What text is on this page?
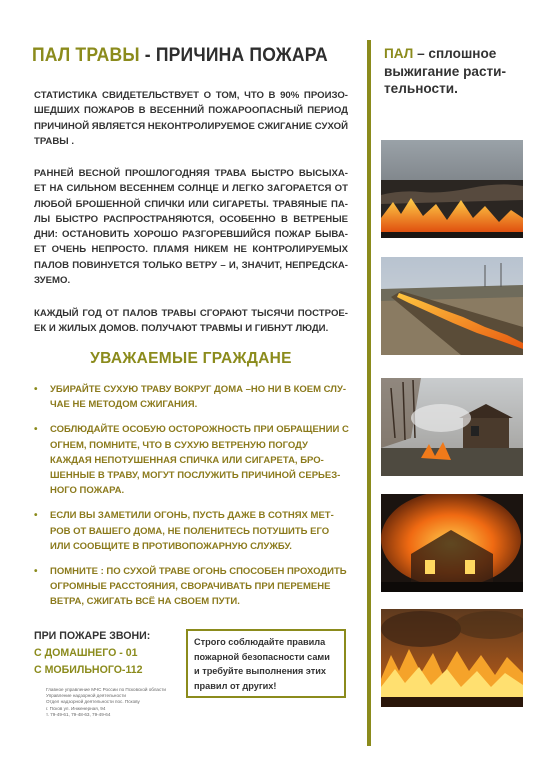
ПАЛ ТРАВЫ - ПРИЧИНА ПОЖАРА

СТАТИСТИКА СВИДЕТЕЛЬСТВУЕТ О ТОМ, ЧТО В 90% ПРОИЗО-ШЕДШИХ ПОЖАРОВ В ВЕСЕННИЙ ПОЖАРООПАСНЫЙ ПЕРИОД ПРИЧИНОЙ ЯВЛЯЕТСЯ НЕКОНТРОЛИРУЕМОЕ СЖИГАНИЕ СУХОЙ ТРАВЫ .

РАННЕЙ ВЕСНОЙ ПРОШЛОГОДНЯЯ ТРАВА БЫСТРО ВЫСЫХА-ЕТ НА СИЛЬНОМ ВЕСЕННЕМ СОЛНЦЕ И ЛЕГКО ЗАГОРАЕТСЯ ОТ ЛЮБОЙ БРОШЕННОЙ СПИЧКИ ИЛИ СИГАРЕТЫ. ТРАВЯНЫЕ ПА-ЛЫ БЫСТРО РАСПРОСТРАНЯЮТСЯ, ОСОБЕННО В ВЕТРЕНЫЕ ДНИ: ОСТАНОВИТЬ ХОРОШО РАЗГОРЕВШИЙСЯ ПОЖАР БЫВА-ЕТ ОЧЕНЬ НЕПРОСТО. ПЛАМЯ НИКЕМ НЕ КОНТРОЛИРУЕМЫХ ПАЛОВ ПОВИНУЕТСЯ ТОЛЬКО ВЕТРУ – И, ЗНАЧИТ, НЕПРЕДСКА-ЗУЕМО.

КАЖДЫЙ ГОД ОТ ПАЛОВ ТРАВЫ СГОРАЮТ ТЫСЯЧИ ПОСТРОЕ-ЕК И ЖИЛЫХ ДОМОВ. ПОЛУЧАЮТ ТРАВМЫ И ГИБНУТ ЛЮДИ.

УВАЖАЕМЫЕ ГРАЖДАНЕ
• УБИРАЙТЕ СУХУЮ ТРАВУ ВОКРУГ ДОМА –НО НИ В КОЕМ СЛУ-ЧАЕ НЕ МЕТОДОМ СЖИГАНИЯ.
• СОБЛЮДАЙТЕ ОСОБУЮ ОСТОРОЖНОСТЬ ПРИ ОБРАЩЕНИИ С ОГНЕМ, ПОМНИТЕ, ЧТО В СУХУЮ ВЕТРЕНУЮ ПОГОДУ КАЖДАЯ НЕПОТУШЕННАЯ СПИЧКА ИЛИ СИГАРЕТА, БРО-ШЕННЫЕ В ТРАВУ, МОГУТ ПОСЛУЖИТЬ ПРИЧИНОЙ СЕРЬЕЗ-НОГО ПОЖАРА.
• ЕСЛИ ВЫ ЗАМЕТИЛИ ОГОНЬ, ПУСТЬ ДАЖЕ В СОТНЯХ МЕТ-РОВ ОТ ВАШЕГО ДОМА, НЕ ПОЛЕНИТЕСЬ ПОТУШИТЬ ЕГО ИЛИ СООБЩИТЕ В ПРОТИВОПОЖАРНУЮ СЛУЖБУ.
• ПОМНИТЕ : ПО СУХОЙ ТРАВЕ ОГОНЬ СПОСОБЕН ПРОХОДИТЬ ОГРОМНЫЕ РАССТОЯНИЯ, СВОРАЧИВАТЬ ПРИ ПЕРЕМЕНЕ ВЕТРА, СЖИГАТЬ ВСЁ НА СВОЕМ ПУТИ.
ПРИ ПОЖАРЕ ЗВОНИ:
С ДОМАШНЕГО - 01
С МОБИЛЬНОГО-112
Строго соблюдайте правила пожарной безопасности сами и требуйте выполнения этих правил от других!
Главное управление МЧС России по Псковской области
Управление надзорной деятельности
Отдел надзорной деятельности пос. Пскову
г. Псков ул. Инженерная, 94
т. 79-49-61, 79-48-63, 79-49-64
ПАЛ – сплошное выжигание расти-тельности.
